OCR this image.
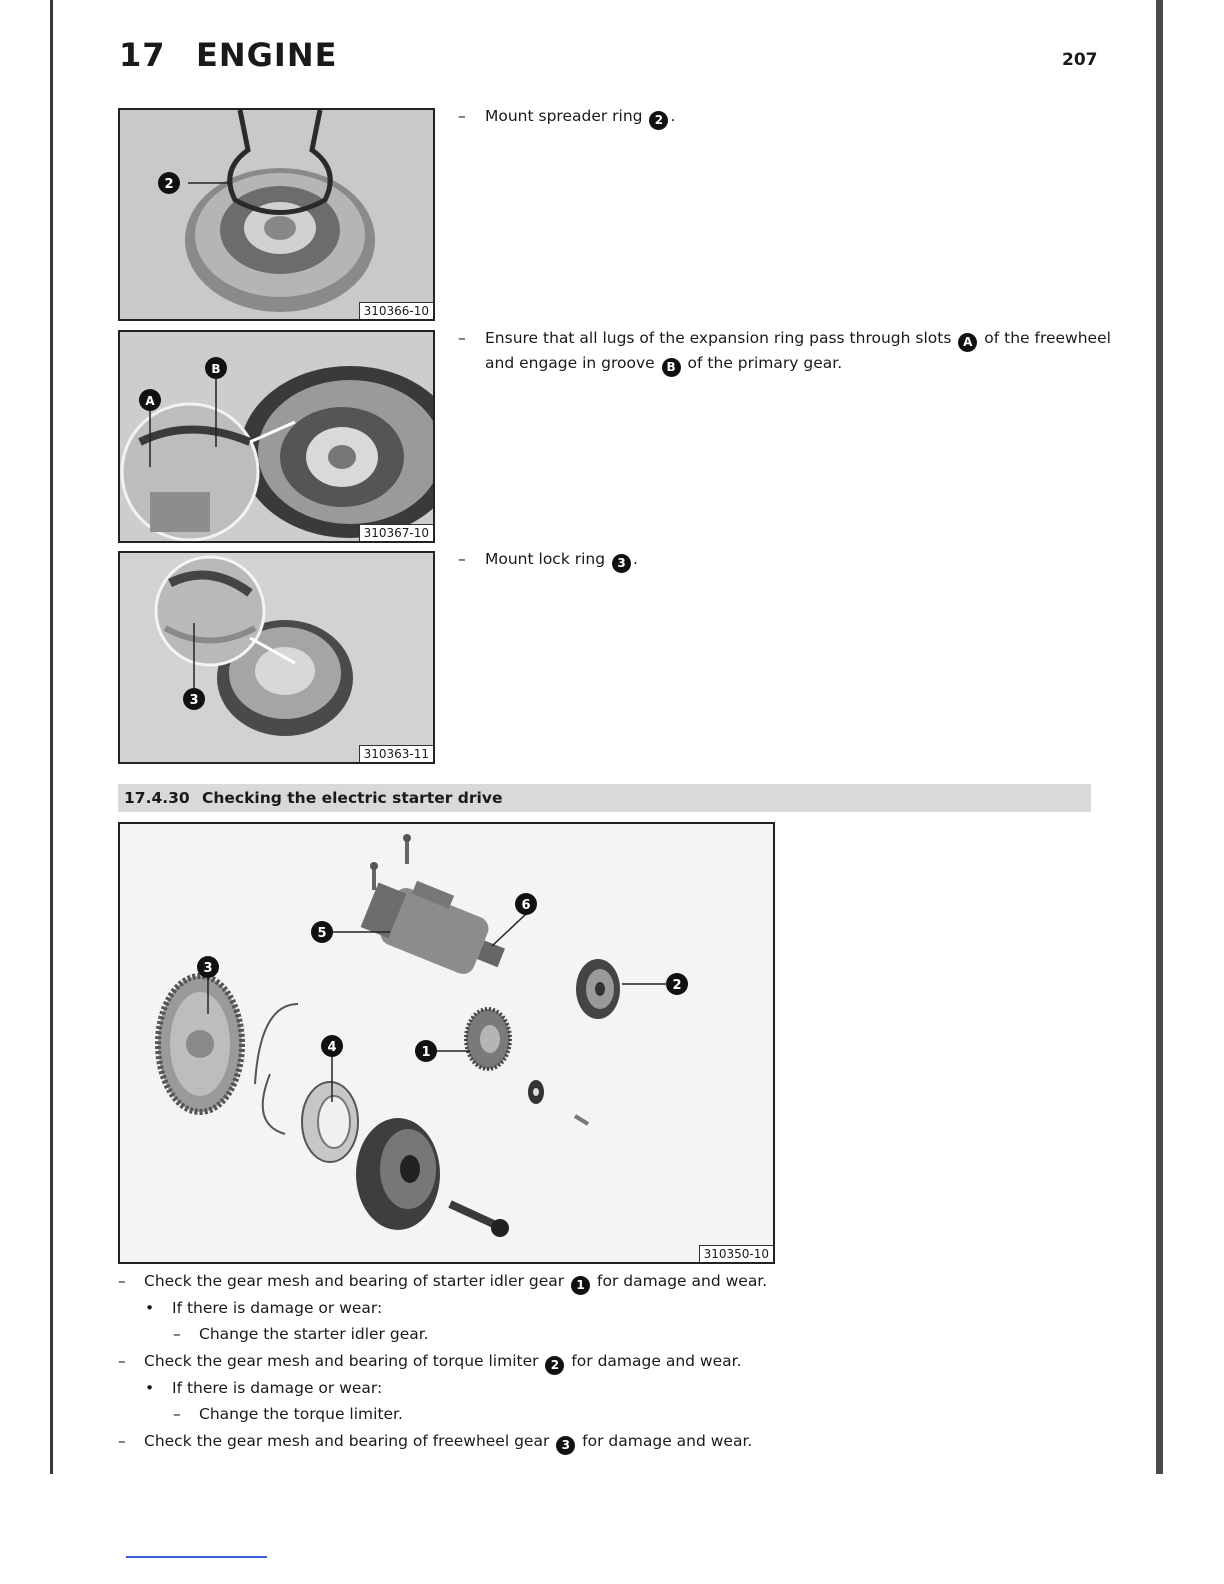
17 ENGINE	207
2
310366-10
– Mount spreader ring 2 .
A
B
310367-10
– Ensure that all lugs of the expansion ring pass through slots A of the freewheel
and engage in groove B of the primary gear.
3
310363-11
– Mount lock ring 3 .
17.4.30 Checking the electric starter drive
5
6
3
4	1
2
310350-10
– Check the gear mesh and bearing of starter idler gear 1 for damage and wear.
• If there is damage or wear:
– Change the starter idler gear.
– Check the gear mesh and bearing of torque limiter 2 for damage and wear.
• If there is damage or wear:
– Change the torque limiter.
– Check the gear mesh and bearing of freewheel gear 3 for damage and wear.
